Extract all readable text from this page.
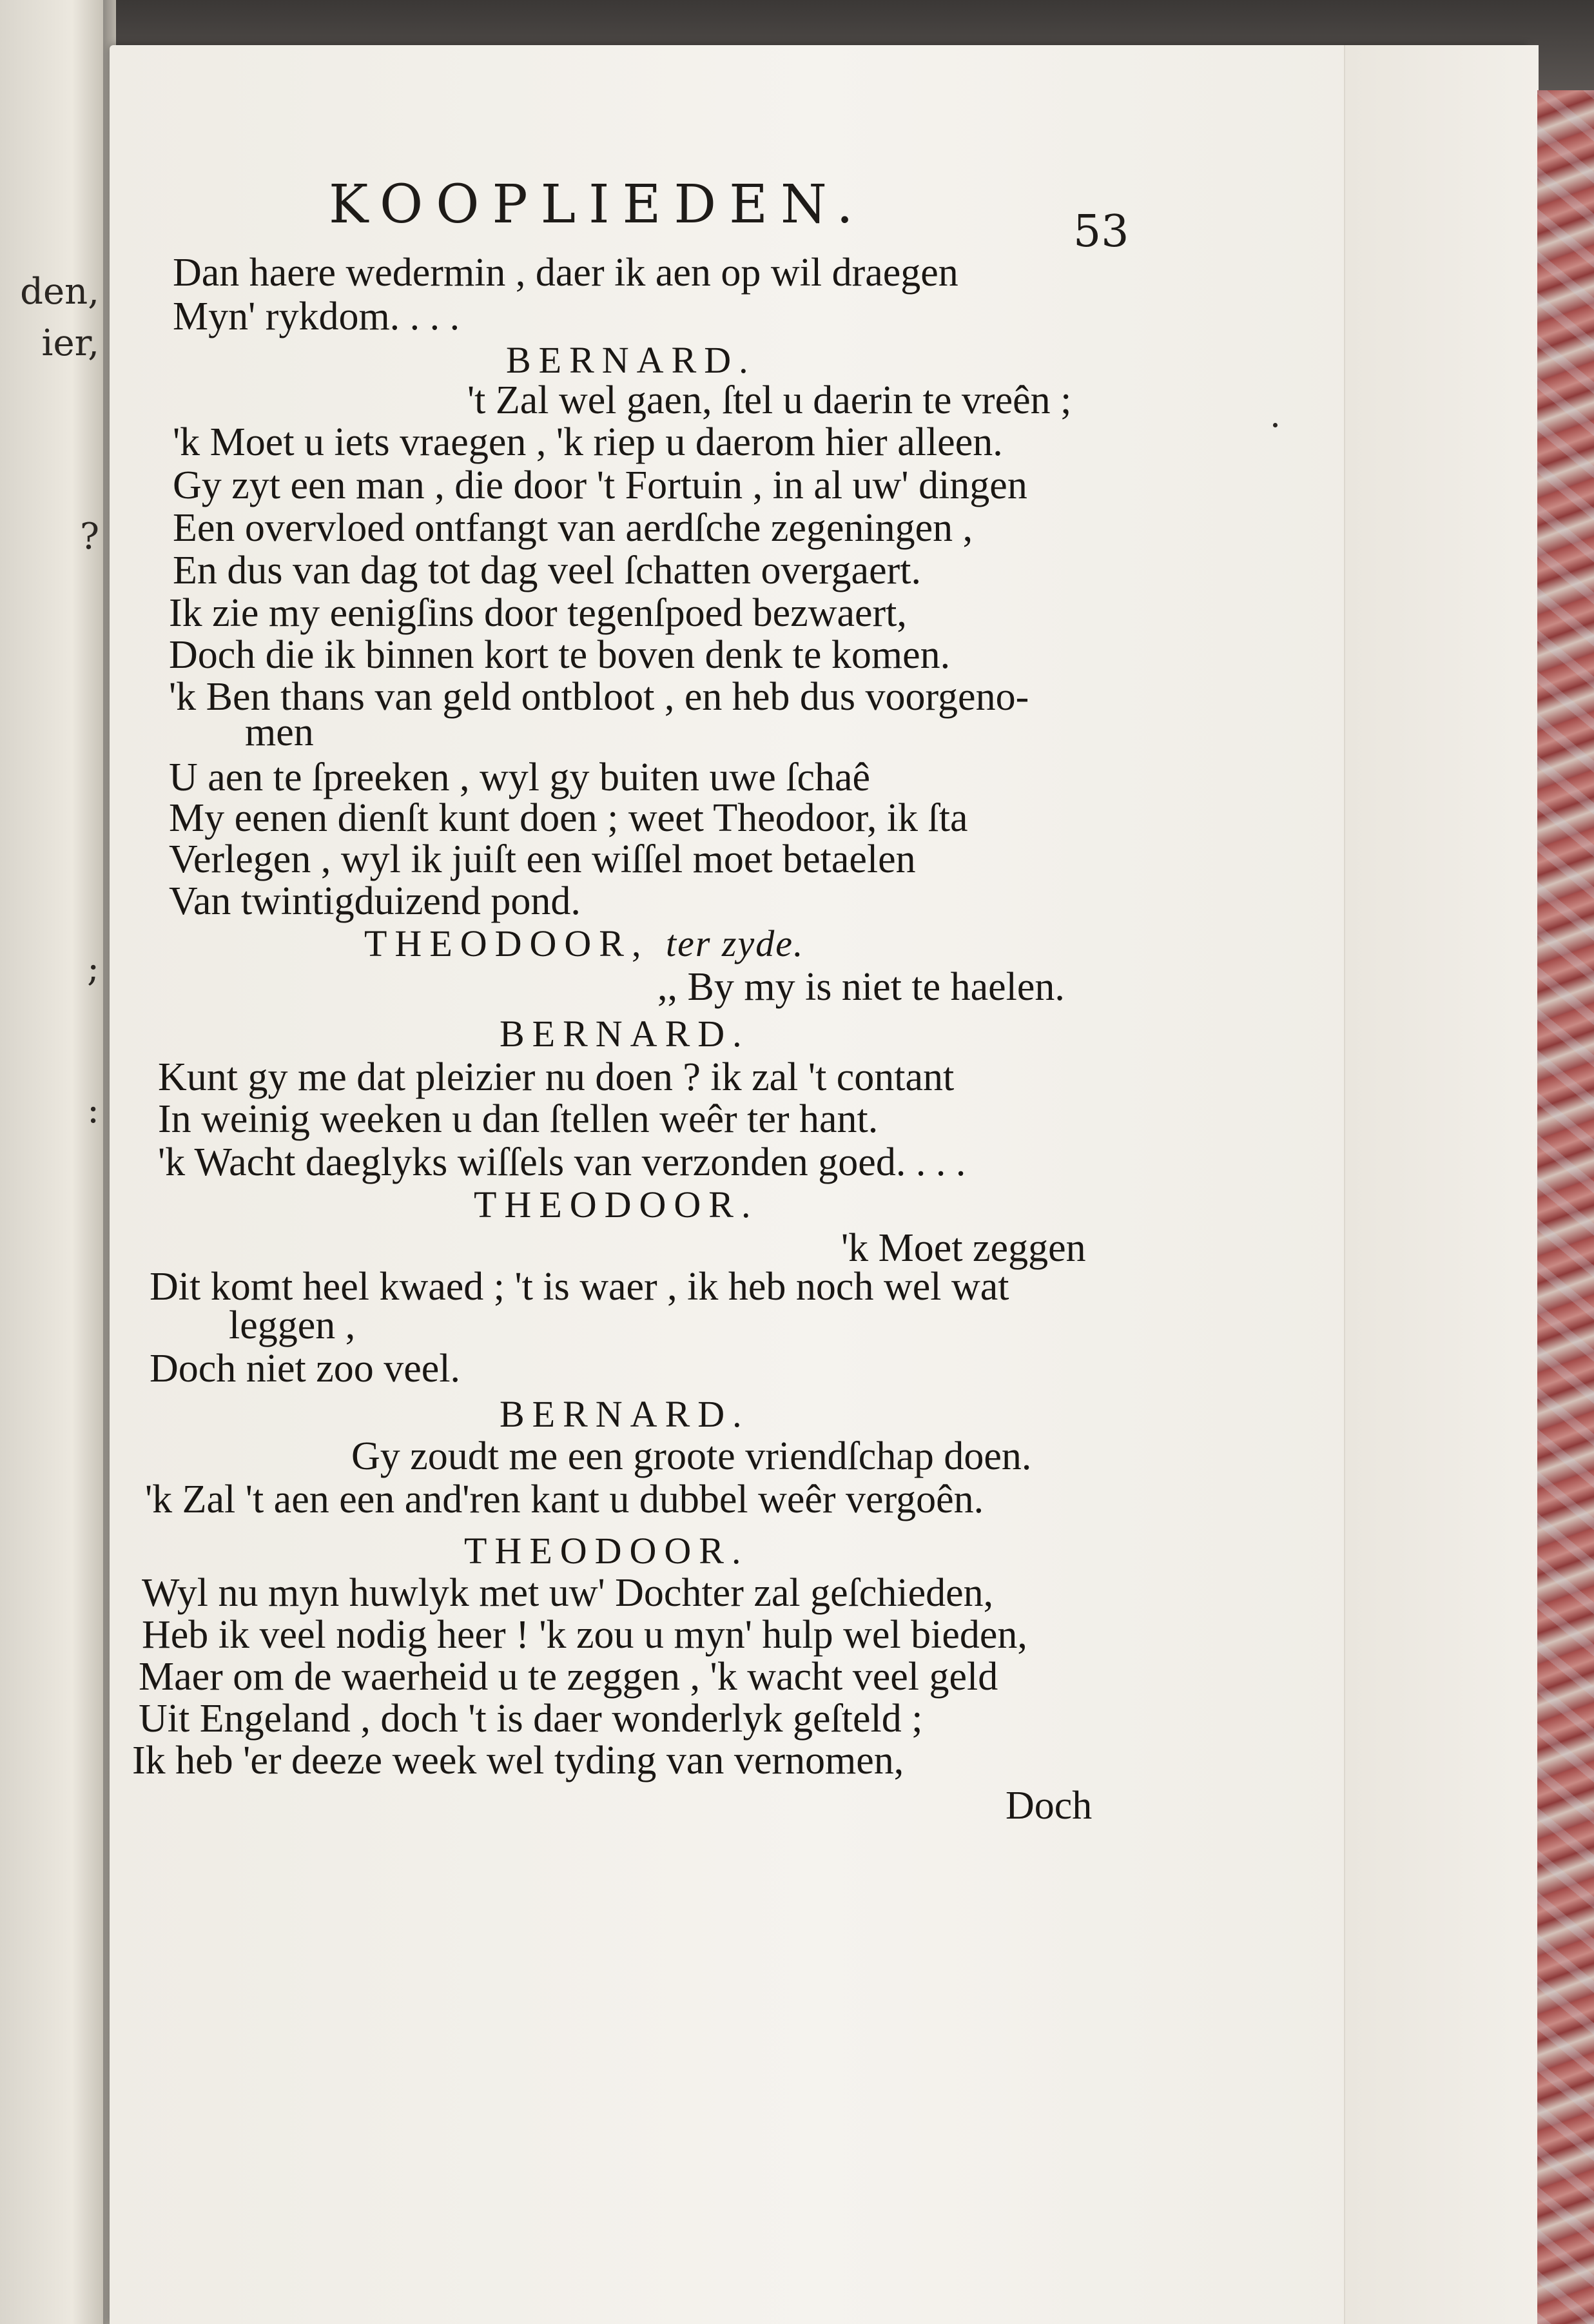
den,
ier,
?
;
:
KOOPLIEDEN.	53
Dan haere wedermin , daer ik aen op wil draegen
Myn' rykdom. . . .
BERNARD.
't Zal wel gaen, ſtel u daerin te vreên ;
'k Moet u iets vraegen , 'k riep u daerom hier alleen.
Gy zyt een man , die door 't Fortuin , in al uw' dingen
Een overvloed ontfangt van aerdſche zegeningen ,
En dus van dag tot dag veel ſchatten overgaert.
Ik zie my eenigſins door tegenſpoed bezwaert,
Doch die ik binnen kort te boven denk te komen.
'k Ben thans van geld ontbloot , en heb dus voorgeno-
men
U aen te ſpreeken , wyl gy buiten uwe ſchaê
My eenen dienſt kunt doen ; weet Theodoor, ik ſta
Verlegen , wyl ik juiſt een wiſſel moet betaelen
Van twintigduizend pond.
THEODOOR, ter zyde.
,, By my is niet te haelen.
BERNARD.
Kunt gy me dat pleizier nu doen ? ik zal 't contant
In weinig weeken u dan ſtellen weêr ter hant.
'k Wacht daeglyks wiſſels van verzonden goed. . . .
THEODOOR.
'k Moet zeggen
Dit komt heel kwaed ; 't is waer , ik heb noch wel wat
leggen ,
Doch niet zoo veel.
BERNARD.
Gy zoudt me een groote vriendſchap doen.
'k Zal 't aen een and'ren kant u dubbel weêr vergoên.
THEODOOR.
Wyl nu myn huwlyk met uw' Dochter zal geſchieden,
Heb ik veel nodig heer ! 'k zou u myn' hulp wel bieden,
Maer om de waerheid u te zeggen , 'k wacht veel geld
Uit Engeland , doch 't is daer wonderlyk geſteld ;
Ik heb 'er deeze week wel tyding van vernomen,
Doch
